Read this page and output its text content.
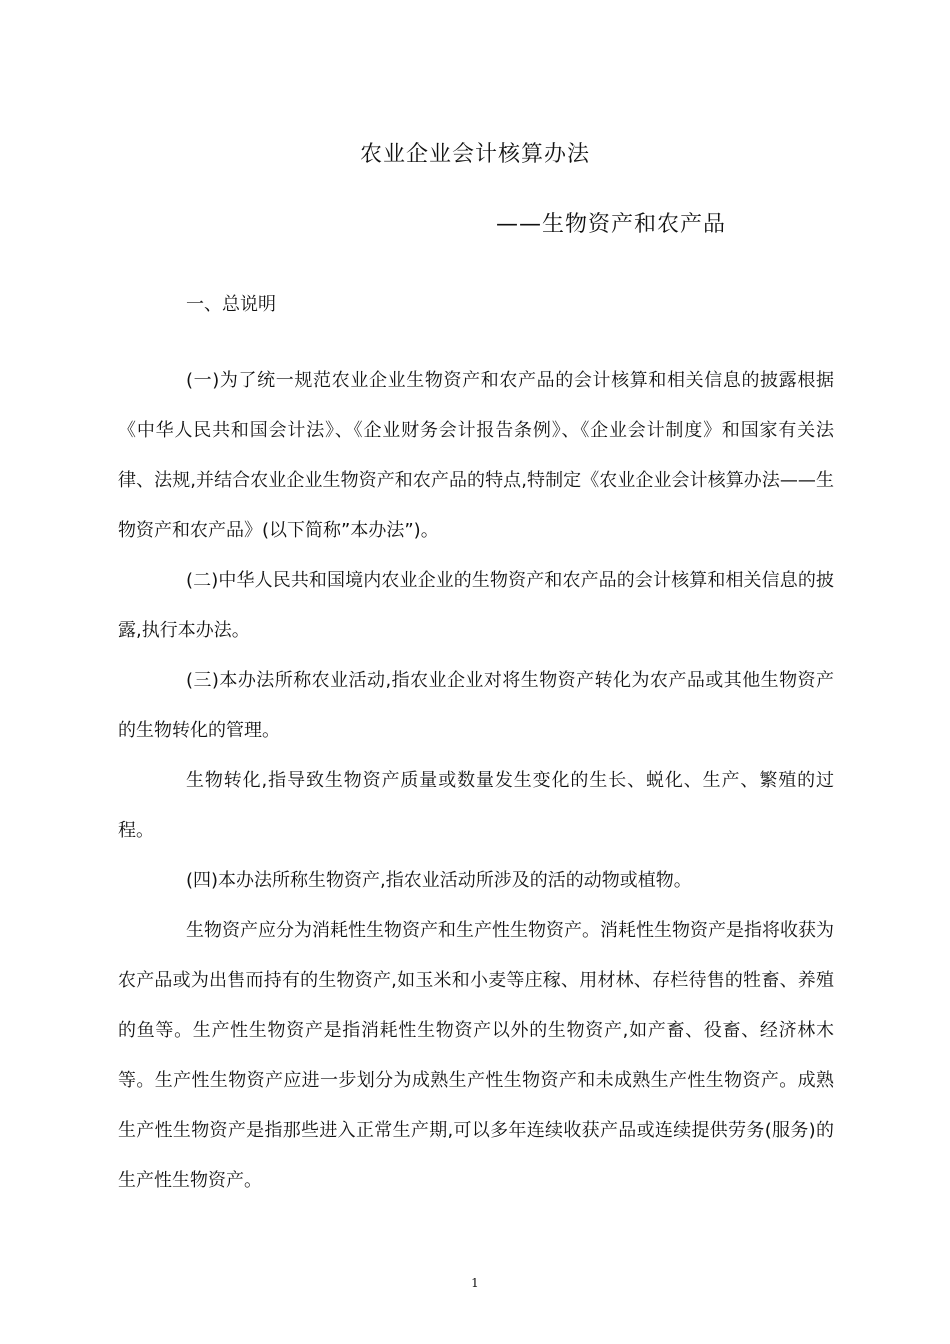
农业企业会计核算办法
——生物资产和农产品
一、总说明

(一)为了统一规范农业企业生物资产和农产品的会计核算和相关信息的披露根据《中华人民共和国会计法》、《企业财务会计报告条例》、《企业会计制度》和国家有关法律、法规,并结合农业企业生物资产和农产品的特点,特制定《农业企业会计核算办法——生物资产和农产品》(以下简称”本办法”)。

(二)中华人民共和国境内农业企业的生物资产和农产品的会计核算和相关信息的披露,执行本办法。

(三)本办法所称农业活动,指农业企业对将生物资产转化为农产品或其他生物资产的生物转化的管理。

生物转化,指导致生物资产质量或数量发生变化的生长、蜕化、生产、繁殖的过程。

(四)本办法所称生物资产,指农业活动所涉及的活的动物或植物。

生物资产应分为消耗性生物资产和生产性生物资产。消耗性生物资产是指将收获为农产品或为出售而持有的生物资产,如玉米和小麦等庄稼、用材林、存栏待售的牲畜、养殖的鱼等。生产性生物资产是指消耗性生物资产以外的生物资产,如产畜、役畜、经济林木等。生产性生物资产应进一步划分为成熟生产性生物资产和未成熟生产性生物资产。成熟生产性生物资产是指那些进入正常生产期,可以多年连续收获产品或连续提供劳务(服务)的生产性生物资产。

1
